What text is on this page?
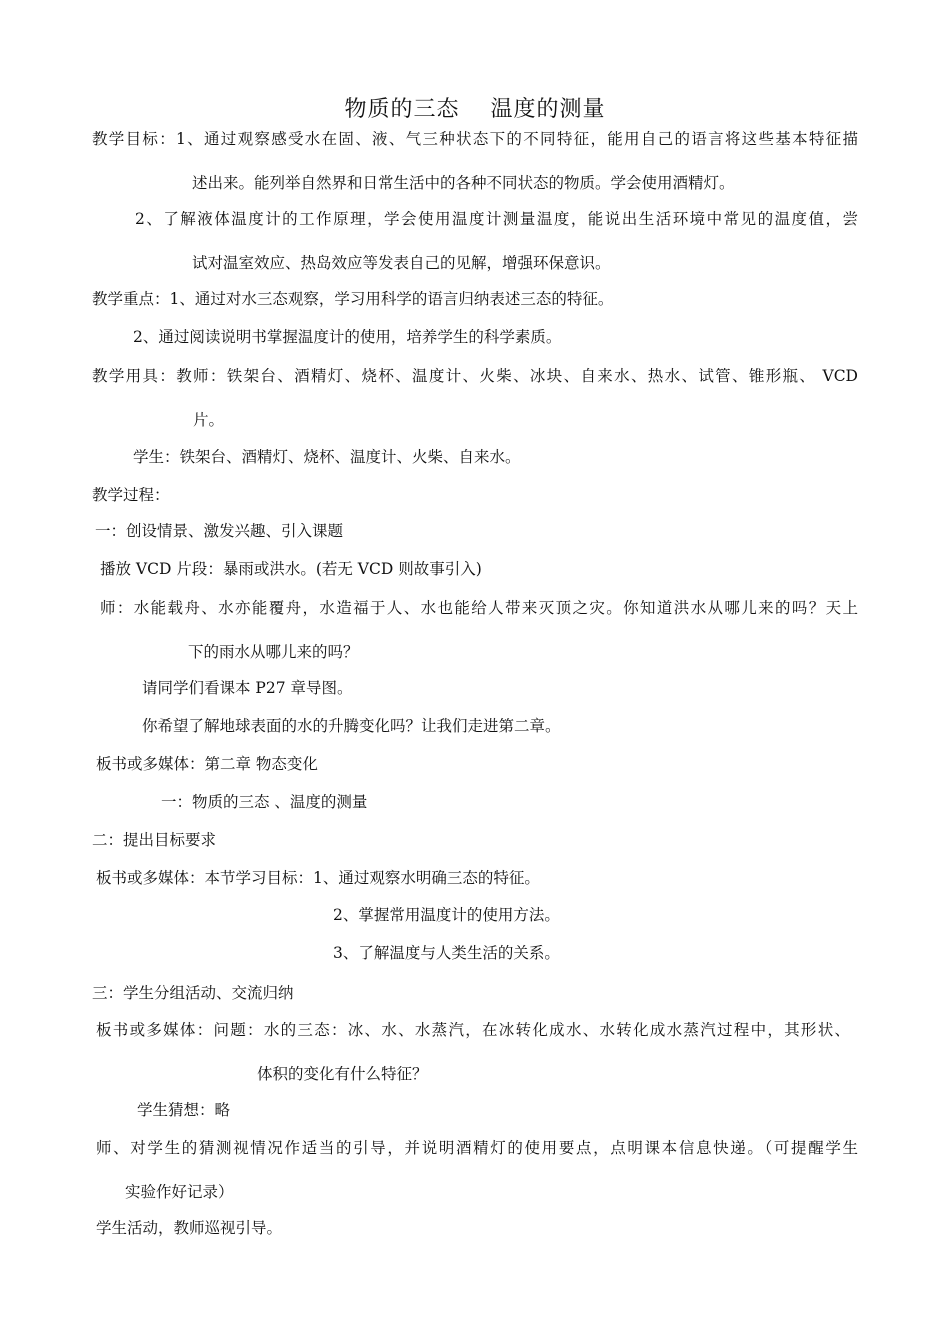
物质的三态　 温度的测量
教学目标：1、通过观察感受水在固、液、气三种状态下的不同特征，能用自己的语言将这些基本特征描
述出来。能列举自然界和日常生活中的各种不同状态的物质。学会使用酒精灯。
2、了解液体温度计的工作原理，学会使用温度计测量温度，能说出生活环境中常见的温度值，尝
试对温室效应、热岛效应等发表自己的见解，增强环保意识。
教学重点：1、通过对水三态观察，学习用科学的语言归纳表述三态的特征。
2、通过阅读说明书掌握温度计的使用，培养学生的科学素质。
教学用具：教师：铁架台、酒精灯、烧杯、温度计、火柴、冰块、自来水、热水、试管、锥形瓶、 VCD
片。
学生：铁架台、酒精灯、烧杯、温度计、火柴、自来水。
教学过程：
一：创设情景、激发兴趣、引入课题
播放 VCD 片段：暴雨或洪水。(若无 VCD 则故事引入)
师：水能载舟、水亦能覆舟，水造福于人、水也能给人带来灭顶之灾。你知道洪水从哪儿来的吗？天上
下的雨水从哪儿来的吗？
请同学们看课本 P27 章导图。
你希望了解地球表面的水的升腾变化吗？让我们走进第二章。
板书或多媒体：第二章 物态变化
一：物质的三态 、温度的测量
二：提出目标要求
板书或多媒体：本节学习目标：1、通过观察水明确三态的特征。
2、掌握常用温度计的使用方法。
3、了解温度与人类生活的关系。
三：学生分组活动、交流归纳
板书或多媒体：问题：水的三态：冰、水、水蒸汽，在冰转化成水、水转化成水蒸汽过程中，其形状、
体积的变化有什么特征？
学生猜想：略
师、对学生的猜测视情况作适当的引导，并说明酒精灯的使用要点，点明课本信息快递。（可提醒学生
实验作好记录）
学生活动，教师巡视引导。
